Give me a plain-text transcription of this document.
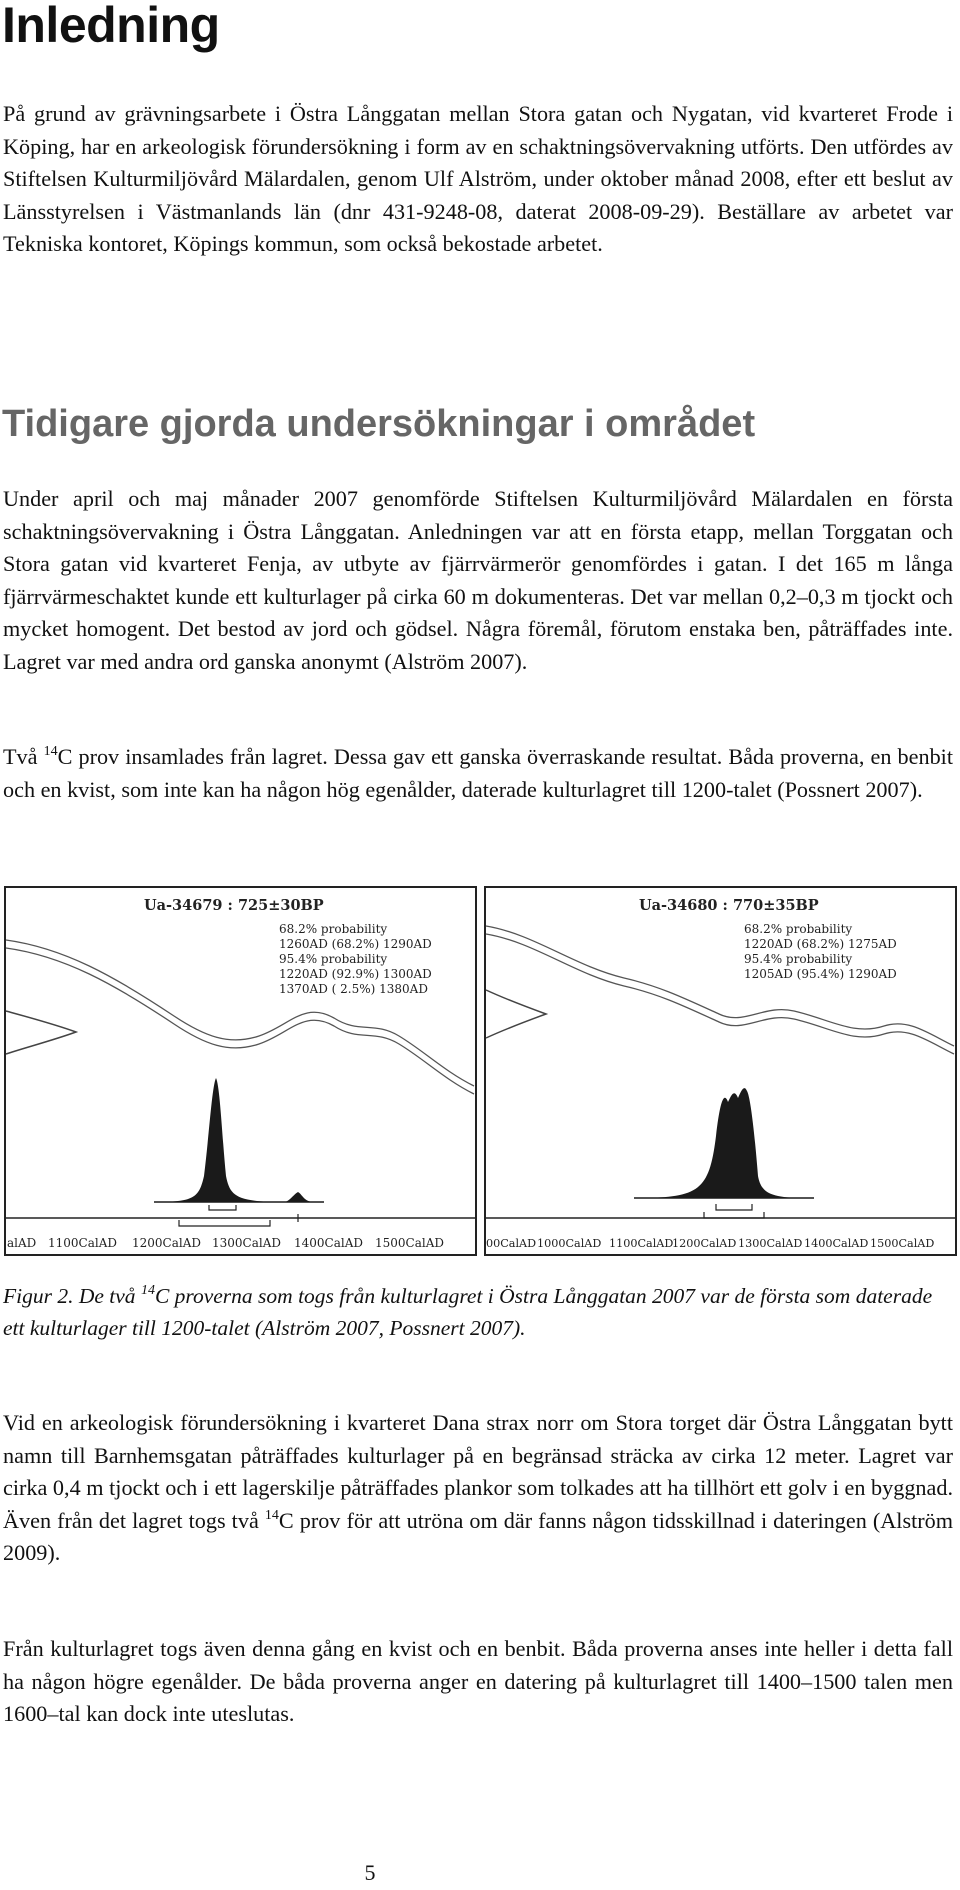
Inledning

På grund av grävningsarbete i Östra Långgatan mellan Stora gatan och Nygatan, vid kvarteret Frode i Köping, har en arkeologisk förundersökning i form av en schaktningsövervakning utförts. Den utfördes av Stiftelsen Kulturmiljövård Mälardalen, genom Ulf Alström, under oktober månad 2008, efter ett beslut av Länsstyrelsen i Västmanlands län (dnr 431-9248-08, daterat 2008-09-29). Beställare av arbetet var Tekniska kontoret, Köpings kommun, som också bekostade arbetet.

Tidigare gjorda undersökningar i området

Under april och maj månader 2007 genomförde Stiftelsen Kulturmiljövård Mälardalen en första schaktningsövervakning i Östra Långgatan. Anledningen var att en första etapp, mellan Torggatan och Stora gatan vid kvarteret Fenja, av utbyte av fjärrvärmerör genomfördes i gatan. I det 165 m långa fjärrvärmeschaktet kunde ett kulturlager på cirka 60 m dokumenteras. Det var mellan 0,2–0,3 m tjockt och mycket homogent. Det bestod av jord och gödsel. Några föremål, förutom enstaka ben, påträffades inte. Lagret var med andra ord ganska anonymt (Alström 2007).

Två $^{14}$C prov insamlades från lagret. Dessa gav ett ganska överraskande resultat. Båda proverna, en benbit och en kvist, som inte kan ha någon hög egenålder, daterade kulturlagret till 1200-talet (Possnert 2007).

Ua-34679 : 725±30BP
68.2% probability
1260AD (68.2%) 1290AD
95.4% probability
1220AD (92.9%) 1300AD
1370AD ( 2.5%) 1380AD
alAD 1100CalAD 1200CalAD 1300CalAD 1400CalAD 1500CalAD
Ua-34680 : 770±35BP
68.2% probability
1220AD (68.2%) 1275AD
95.4% probability
1205AD (95.4%) 1290AD
00CalAD 1000CalAD 1100CalAD
1200CalAD 1300CalAD 1400CalAD 1500CalAD

Figur 2. De två $^{14}$C proverna som togs från kulturlagret i Östra Långgatan 2007 var de första som daterade ett kulturlager till 1200-talet (Alström 2007, Possnert 2007).

Vid en arkeologisk förundersökning i kvarteret Dana strax norr om Stora torget där Östra Långgatan bytt namn till Barnhemsgatan påträffades kulturlager på en begränsad sträcka av cirka 12 meter. Lagret var cirka 0,4 m tjockt och i ett lagerskilje påträffades plankor som tolkades att ha tillhört ett golv i en byggnad. Även från det lagret togs två $^{14}$C prov för att utröna om där fanns någon tidsskillnad i dateringen (Alström 2009).

Från kulturlagret togs även denna gång en kvist och en benbit. Båda proverna anses inte heller i detta fall ha någon högre egenålder. De båda proverna anger en datering på kulturlagret till 1400–1500 talen men 1600–tal kan dock inte uteslutas.

5
